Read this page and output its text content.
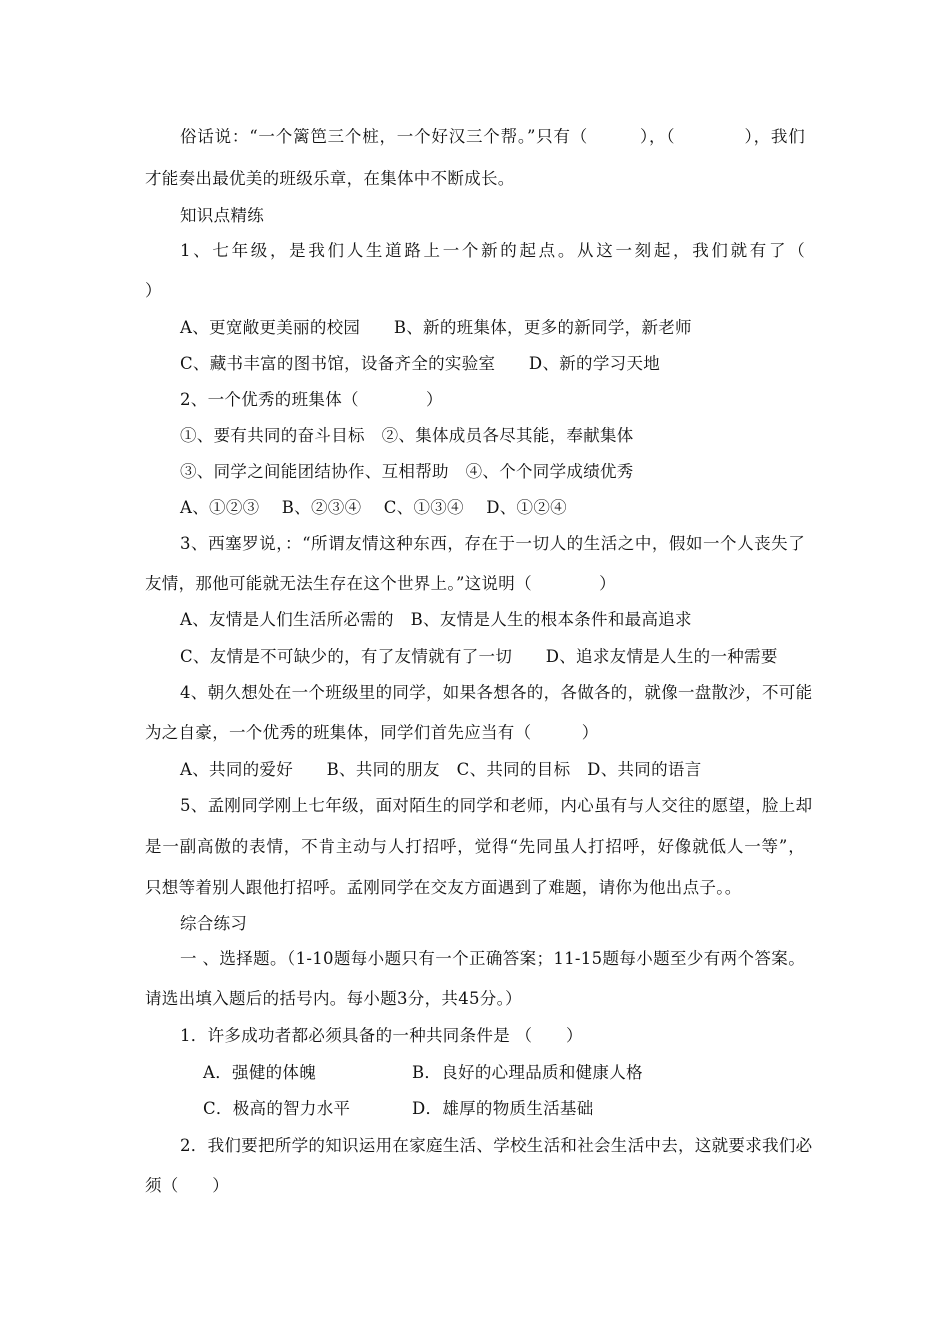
俗话说：“一个篱笆三个桩，一个好汉三个帮。”只有（　　　），（　　　　），我们
才能奏出最优美的班级乐章，在集体中不断成长。
知识点精练
1、七年级，是我们人生道路上一个新的起点。从这一刻起，我们就有了（
）
A、更宽敞更美丽的校园　　B、新的班集体，更多的新同学，新老师
C、藏书丰富的图书馆，设备齐全的实验室　　D、新的学习天地
2、一个优秀的班集体（　　　　）
①、要有共同的奋斗目标　②、集体成员各尽其能，奉献集体
③、同学之间能团结协作、互相帮助　④、个个同学成绩优秀
A、①②③　 B、②③④　 C、①③④　 D、①②④
3、西塞罗说，：“所谓友情这种东西，存在于一切人的生活之中，假如一个人丧失了
友情，那他可能就无法生存在这个世界上。”这说明（　　　　）
A、友情是人们生活所必需的　B、友情是人生的根本条件和最高追求
C、友情是不可缺少的，有了友情就有了一切　　D、追求友情是人生的一种需要
4、朝久想处在一个班级里的同学，如果各想各的，各做各的，就像一盘散沙，不可能
为之自豪，一个优秀的班集体，同学们首先应当有（　　　）
A、共同的爱好　　B、共同的朋友　C、共同的目标　D、共同的语言
5、孟刚同学刚上七年级，面对陌生的同学和老师，内心虽有与人交往的愿望，脸上却
是一副高傲的表情，不肯主动与人打招呼，觉得“先同虽人打招呼，好像就低人一等”，
只想等着别人跟他打招呼。孟刚同学在交友方面遇到了难题，请你为他出点子。。
综合练习
一 、选择题。（1-10题每小题只有一个正确答案；11-15题每小题至少有两个答案。
请选出填入题后的括号内。每小题3分，共45分。）
1．许多成功者都必须具备的一种共同条件是 （　　）
A．强健的体魄	B．良好的心理品质和健康人格
C．极高的智力水平	D．雄厚的物质生活基础
2．我们要把所学的知识运用在家庭生活、学校生活和社会生活中去，这就要求我们必
须（　　）
